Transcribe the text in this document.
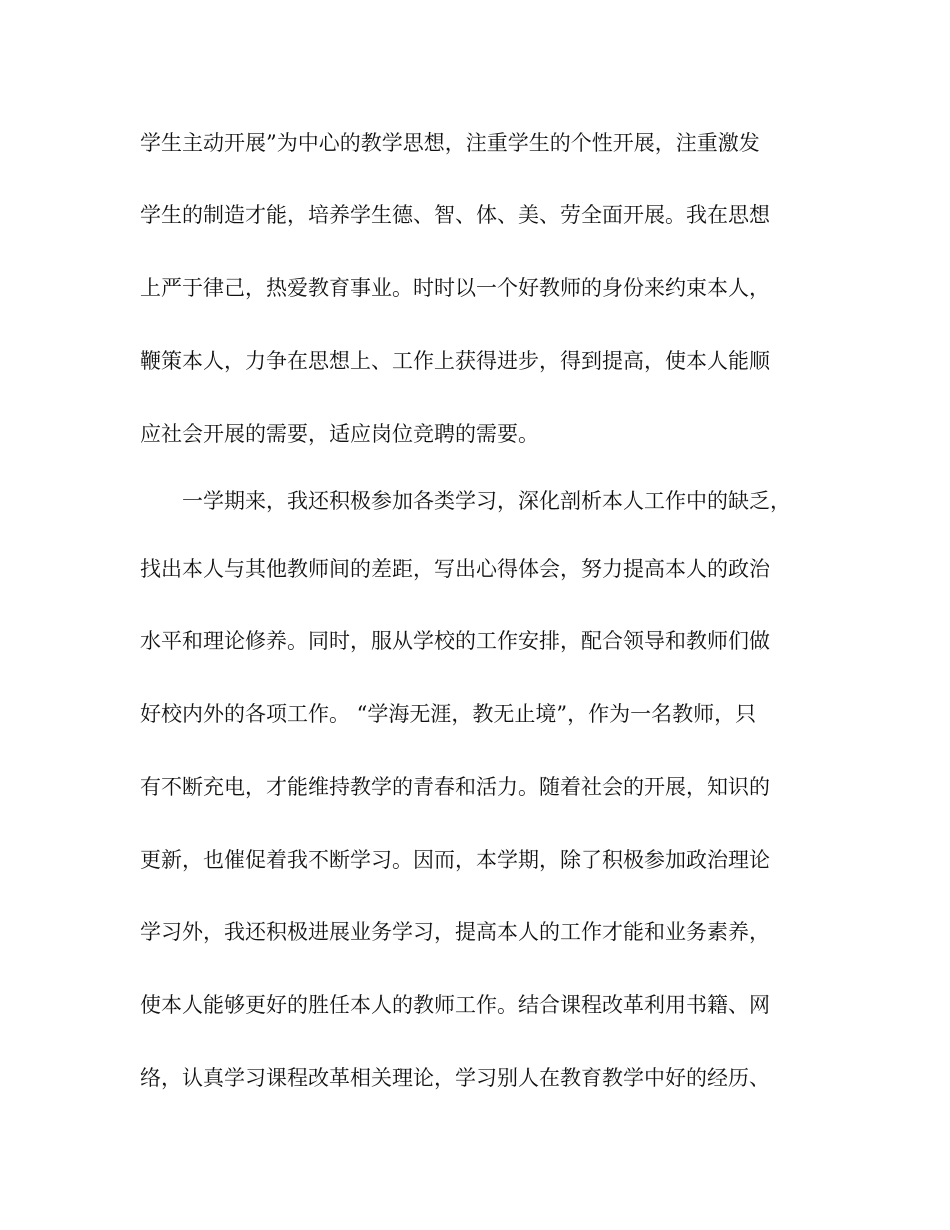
学生主动开展”为中心的教学思想，注重学生的个性开展，注重激发
学生的制造才能，培养学生德、智、体、美、劳全面开展。我在思想
上严于律己，热爱教育事业。时时以一个好教师的身份来约束本人，
鞭策本人，力争在思想上、工作上获得进步，得到提高，使本人能顺
应社会开展的需要，适应岗位竞聘的需要。
一学期来，我还积极参加各类学习，深化剖析本人工作中的缺乏，
找出本人与其他教师间的差距，写出心得体会，努力提高本人的政治
水平和理论修养。同时，服从学校的工作安排，配合领导和教师们做
好校内外的各项工作。 “学海无涯，教无止境”，作为一名教师，只
有不断充电，才能维持教学的青春和活力。随着社会的开展，知识的
更新，也催促着我不断学习。因而，本学期，除了积极参加政治理论
学习外，我还积极进展业务学习，提高本人的工作才能和业务素养，
使本人能够更好的胜任本人的教师工作。结合课程改革利用书籍、网
络，认真学习课程改革相关理论，学习别人在教育教学中好的经历、
